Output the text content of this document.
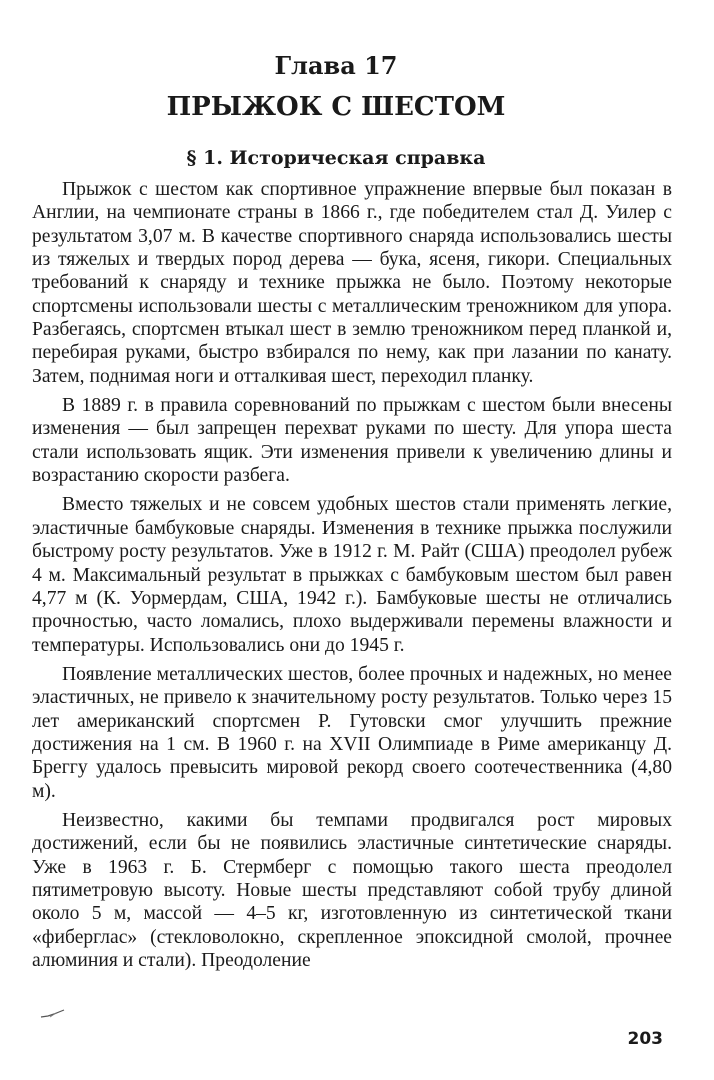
Глава 17
ПРЫЖОК С ШЕСТОМ
§ 1. Историческая справка

Прыжок с шестом как спортивное упражнение впервые был показан в Англии, на чемпионате страны в 1866 г., где победителем стал Д. Уилер с результатом 3,07 м. В качестве спортивного снаряда использовались шесты из тяжелых и твердых пород дерева — бука, ясеня, гикори. Специальных требований к снаряду и технике прыжка не было. Поэтому некоторые спортсмены использовали шесты с металлическим треножником для упора. Разбегаясь, спортсмен втыкал шест в землю треножником перед планкой и, перебирая руками, быстро взбирался по нему, как при лазании по канату. Затем, поднимая ноги и отталкивая шест, переходил планку.

В 1889 г. в правила соревнований по прыжкам с шестом были внесены изменения — был запрещен перехват руками по шесту. Для упора шеста стали использовать ящик. Эти изменения привели к увеличению длины и возрастанию скорости разбега.

Вместо тяжелых и не совсем удобных шестов стали применять легкие, эластичные бамбуковые снаряды. Изменения в технике прыжка послужили быстрому росту результатов. Уже в 1912 г. М. Райт (США) преодолел рубеж 4 м. Максимальный результат в прыжках с бамбуковым шестом был равен 4,77 м (К. Уормердам, США, 1942 г.). Бамбуковые шесты не отличались прочностью, часто ломались, плохо выдерживали перемены влажности и температуры. Использовались они до 1945 г.

Появление металлических шестов, более прочных и надежных, но менее эластичных, не привело к значительному росту результатов. Только через 15 лет американский спортсмен Р. Гутовски смог улучшить прежние достижения на 1 см. В 1960 г. на XVII Олимпиаде в Риме американцу Д. Бреггу удалось превысить мировой рекорд своего соотечественника (4,80 м).

Неизвестно, какими бы темпами продвигался рост мировых достижений, если бы не появились эластичные синтетические снаряды. Уже в 1963 г. Б. Стермберг с помощью такого шеста преодолел пятиметровую высоту. Новые шесты представляют собой трубу длиной около 5 м, массой — 4–5 кг, изготовленную из синтетической ткани «фиберглас» (стекловолокно, скрепленное эпоксидной смолой, прочнее алюминия и стали). Преодоление

203
